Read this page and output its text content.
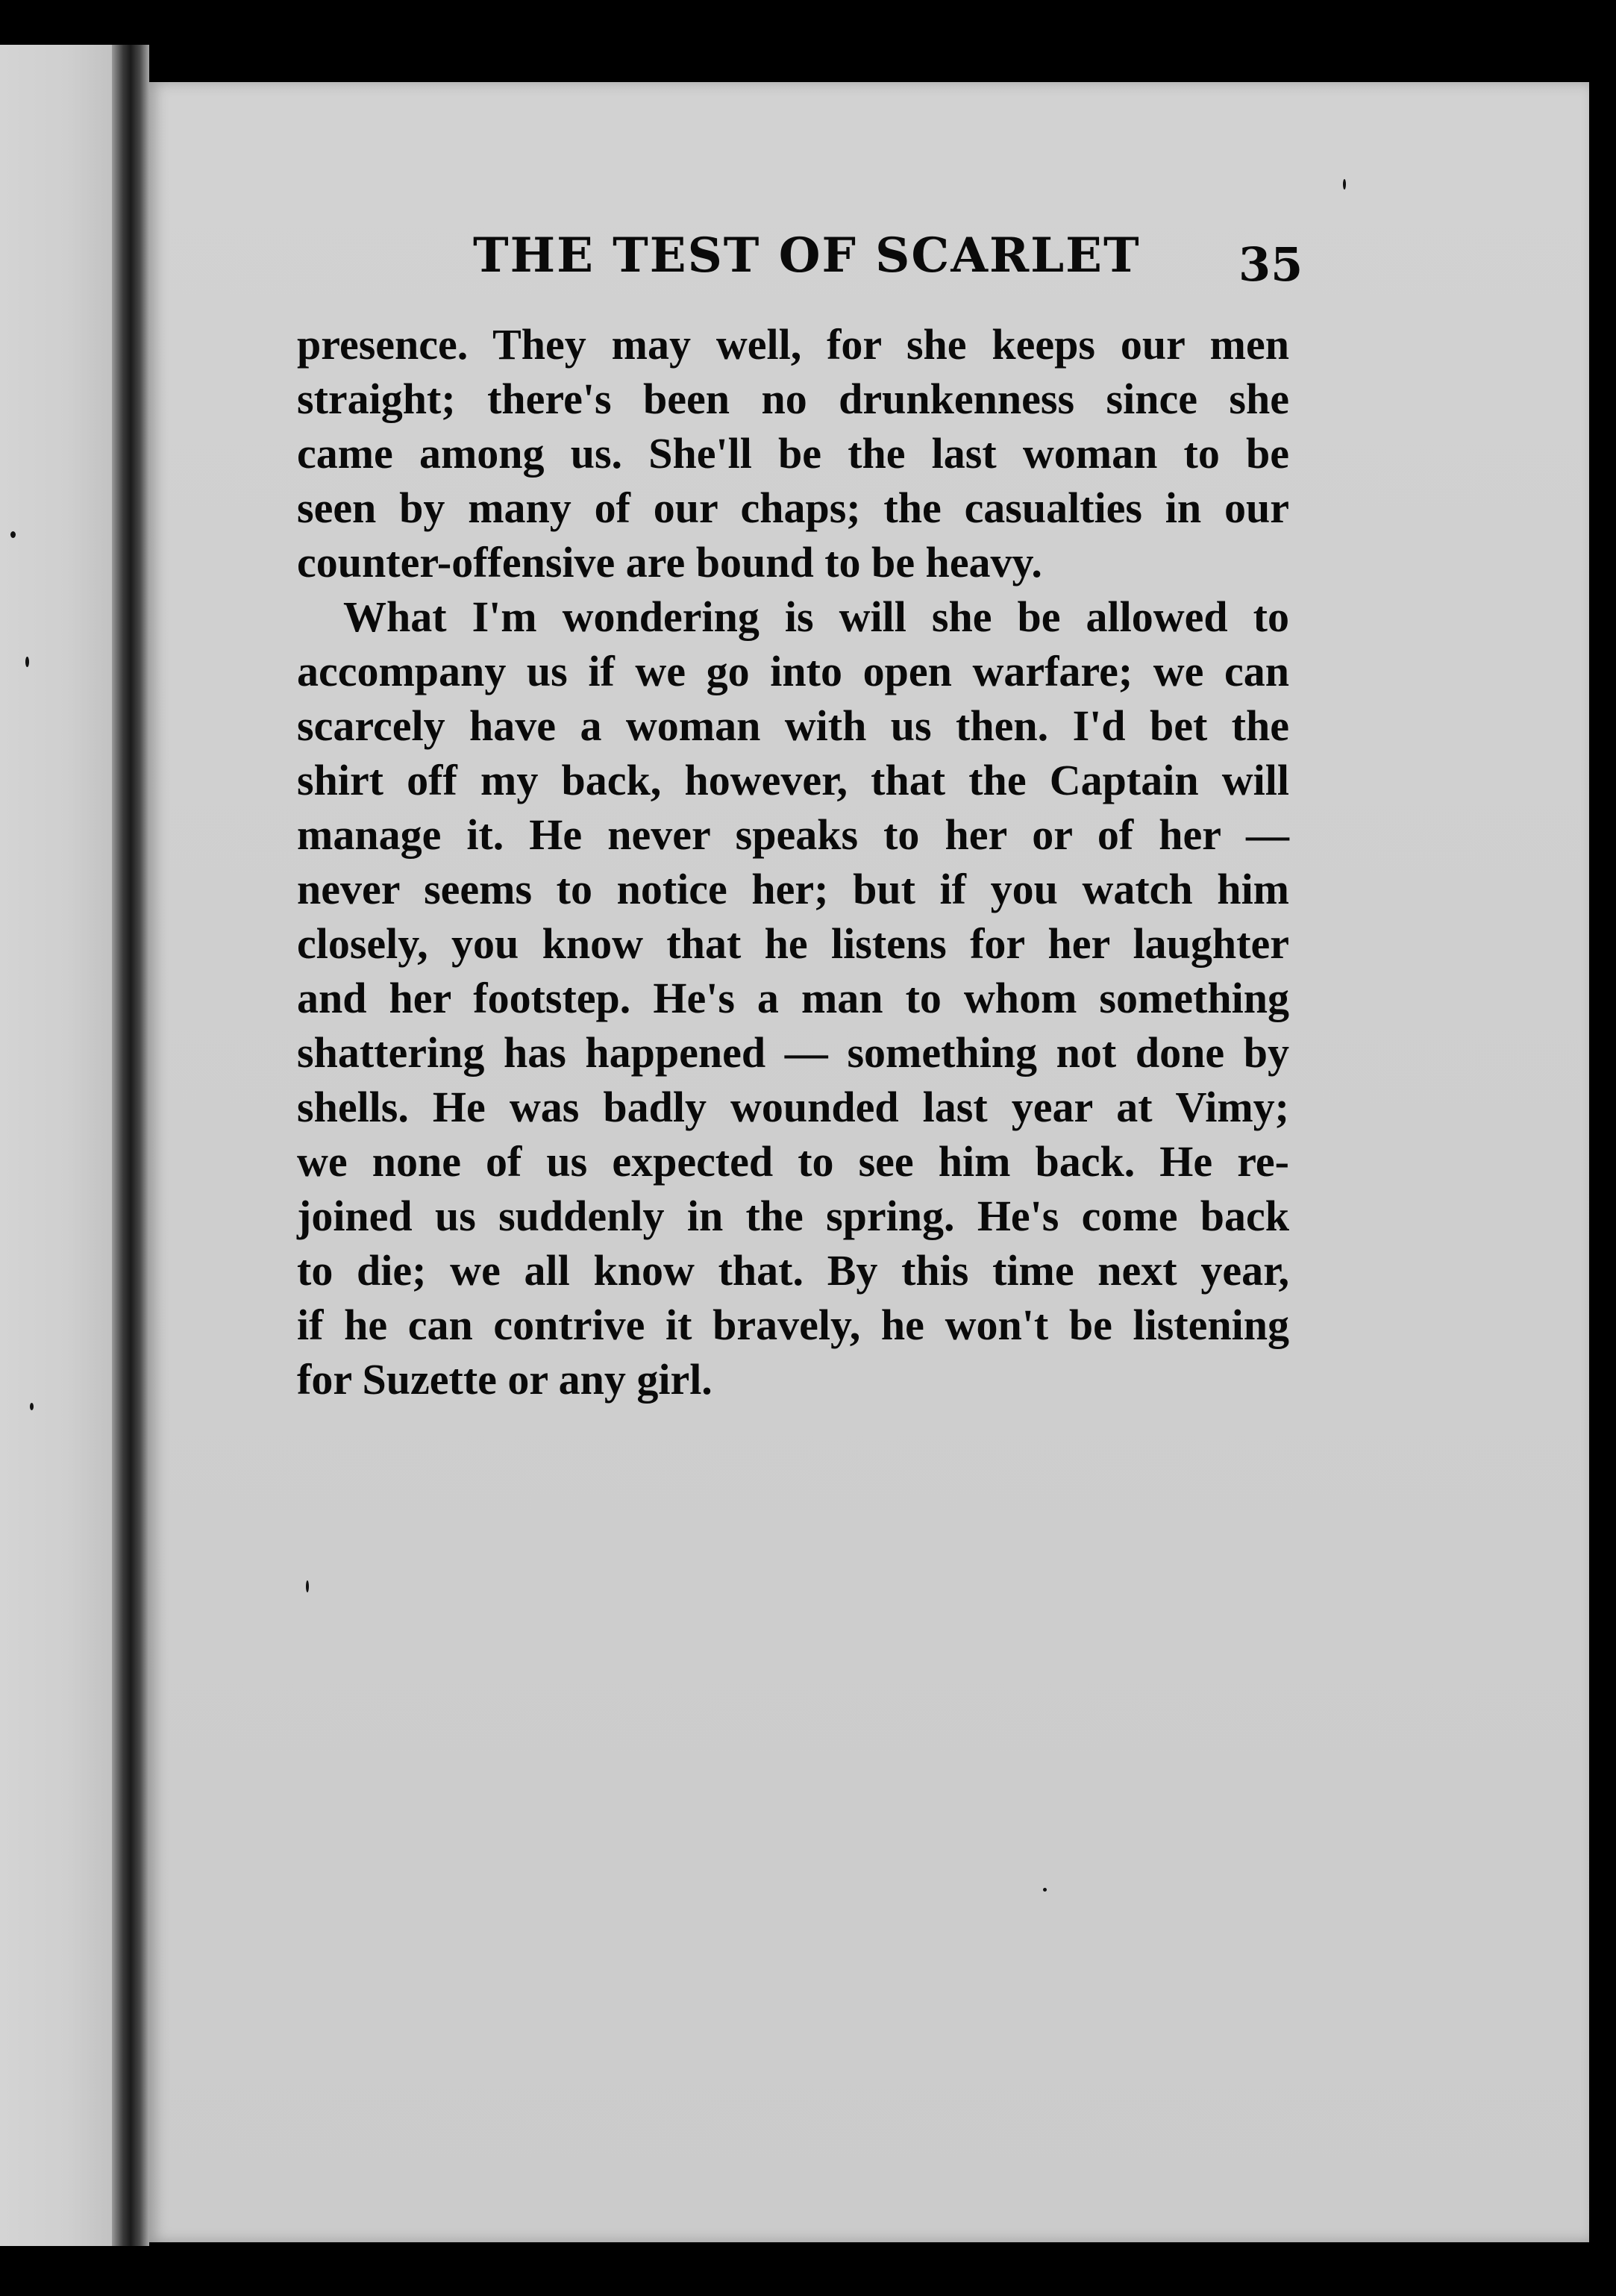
THE TEST OF SCARLET 35
presence. They may well, for she keeps our men
straight; there's been no drunkenness since she
came among us. She'll be the last woman to be
seen by many of our chaps; the casualties in our
counter-offensive are bound to be heavy.
What I'm wondering is will she be allowed to
accompany us if we go into open warfare; we can
scarcely have a woman with us then. I'd bet the
shirt off my back, however, that the Captain will
manage it. He never speaks to her or of her —
never seems to notice her; but if you watch him
closely, you know that he listens for her laughter
and her footstep. He's a man to whom something
shattering has happened — something not done by
shells. He was badly wounded last year at Vimy;
we none of us expected to see him back. He re-
joined us suddenly in the spring. He's come back
to die; we all know that. By this time next year,
if he can contrive it bravely, he won't be listening
for Suzette or any girl.
